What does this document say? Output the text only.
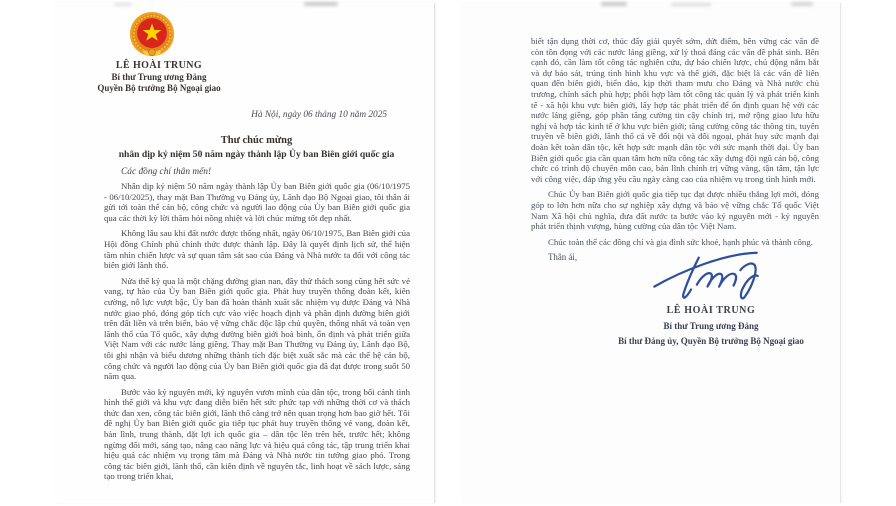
LÊ HOÀI TRUNG
Bí thư Trung ương Đảng
Quyền Bộ trưởng Bộ Ngoại giao
Hà Nội, ngày 06 tháng 10 năm 2025
Thư chúc mừng
nhân dịp kỷ niệm 50 năm ngày thành lập Ủy ban Biên giới quốc gia
Các đồng chí thân mến!

Nhân dịp kỷ niệm 50 năm ngày thành lập Ủy ban Biên giới quốc gia (06/10/1975 - 06/10/2025), thay mặt Ban Thường vụ Đảng ủy, Lãnh đạo Bộ Ngoại giao, tôi thân ái gửi tới toàn thể cán bộ, công chức và người lao động của Ủy ban Biên giới quốc gia qua các thời kỳ lời thăm hỏi nồng nhiệt và lời chúc mừng tốt đẹp nhất.

Không lâu sau khi đất nước được thống nhất, ngày 06/10/1975, Ban Biên giới của Hội đồng Chính phủ chính thức được thành lập. Đây là quyết định lịch sử, thể hiện tầm nhìn chiến lược và sự quan tâm sát sao của Đảng và Nhà nước ta đối với công tác biên giới lãnh thổ.

Nửa thế kỷ qua là một chặng đường gian nan, đầy thử thách song cũng hết sức vẻ vang, tự hào của Ủy ban Biên giới quốc gia. Phát huy truyền thống đoàn kết, kiên cường, nỗ lực vượt bậc, Ủy ban đã hoàn thành xuất sắc nhiệm vụ được Đảng và Nhà nước giao phó, đóng góp tích cực vào việc hoạch định và phân định đường biên giới trên đất liền và trên biển, bảo vệ vững chắc độc lập chủ quyền, thống nhất và toàn vẹn lãnh thổ của Tổ quốc, xây dựng đường biên giới hoà bình, ổn định và phát triển giữa Việt Nam với các nước láng giềng. Thay mặt Ban Thường vụ Đảng ủy, Lãnh đạo Bộ, tôi ghi nhận và biểu dương những thành tích đặc biệt xuất sắc mà các thế hệ cán bộ, công chức và người lao động của Ủy ban Biên giới quốc gia đã đạt được trong suốt 50 năm qua.

Bước vào kỷ nguyên mới, kỷ nguyên vươn mình của dân tộc, trong bối cảnh tình hình thế giới và khu vực đang diễn biến hết sức phức tạp với những thời cơ và thách thức đan xen, công tác biên giới, lãnh thổ càng trở nên quan trọng hơn bao giờ hết. Tôi đề nghị Ủy ban Biên giới quốc gia tiếp tục phát huy truyền thống vẻ vang, đoàn kết, bản lĩnh, trung thành, đặt lợi ích quốc gia – dân tộc lên trên hết, trước hết; không ngừng đổi mới, sáng tạo, nâng cao năng lực và hiệu quả công tác, tập trung triển khai hiệu quả các nhiệm vụ trọng tâm mà Đảng và Nhà nước tin tưởng giao phó. Trong công tác biên giới, lãnh thổ, cần kiên định về nguyên tắc, linh hoạt về sách lược, sáng tạo trong triển khai,

biết tận dụng thời cơ, thúc đẩy giải quyết sớm, dứt điểm, bền vững các vấn đề còn tồn đọng với các nước láng giềng, xử lý thoả đáng các vấn đề phát sinh. Bên cạnh đó, cần làm tốt công tác nghiên cứu, dự báo chiến lược, chủ động nắm bắt và dự báo sát, trúng tình hình khu vực và thế giới, đặc biệt là các vấn đề liên quan đến biên giới, biển đảo, kịp thời tham mưu cho Đảng và Nhà nước chủ trương, chính sách phù hợp; phối hợp làm tốt công tác quản lý và phát triển kinh tế - xã hội khu vực biên giới, lấy hợp tác phát triển để ổn định quan hệ với các nước láng giềng, góp phần tăng cường tin cậy chính trị, mở rộng giao lưu hữu nghị và hợp tác kinh tế ở khu vực biên giới; tăng cường công tác thông tin, tuyên truyền về biên giới, lãnh thổ cả về đối nội và đối ngoại, phát huy sức mạnh đại đoàn kết toàn dân tộc, kết hợp sức mạnh dân tộc với sức mạnh thời đại. Ủy ban Biên giới quốc gia cần quan tâm hơn nữa công tác xây dựng đội ngũ cán bộ, công chức có trình độ chuyên môn cao, bản lĩnh chính trị vững vàng, tận tâm, tận lực với công việc, đáp ứng yêu cầu ngày càng cao của nhiệm vụ trong tình hình mới.

Chúc Ủy ban Biên giới quốc gia tiếp tục đạt được nhiều thắng lợi mới, đóng góp to lớn hơn nữa cho sự nghiệp xây dựng và bảo vệ vững chắc Tổ quốc Việt Nam Xã hội chủ nghĩa, đưa đất nước ta bước vào kỷ nguyên mới - kỷ nguyên phát triển thịnh vượng, hùng cường của dân tộc Việt Nam.

Chúc toàn thể các đồng chí và gia đình sức khoẻ, hạnh phúc và thành công.

Thân ái,
LÊ HOÀI TRUNG
Bí thư Trung ương Đảng
Bí thư Đảng ủy, Quyền Bộ trưởng Bộ Ngoại giao
